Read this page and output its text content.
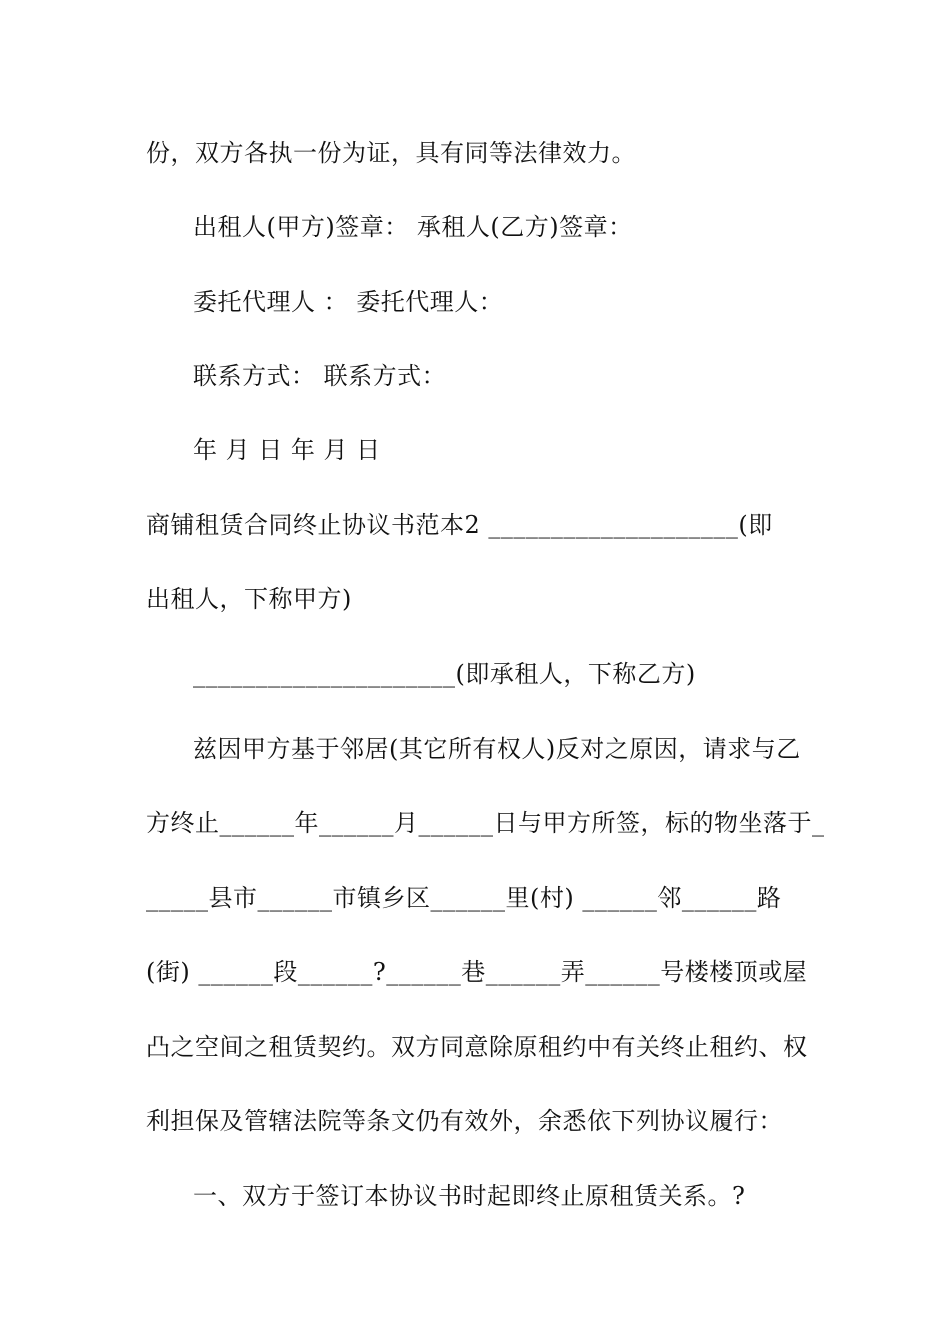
份，双方各执一份为证，具有同等法律效力。
出租人(甲方)签章： 承租人(乙方)签章：
委托代理人 ： 委托代理人：
联系方式： 联系方式：
年 月 日 年 月 日
商铺租赁合同终止协议书范本2 ____________________(即
出租人，下称甲方)
_____________________(即承租人，下称乙方)
兹因甲方基于邻居(其它所有权人)反对之原因，请求与乙
方终止______年______月______日与甲方所签，标的物坐落于_
_____县市______市镇乡区______里(村) ______邻______路
(街) ______段______?______巷______弄______号楼楼顶或屋
凸之空间之租赁契约。双方同意除原租约中有关终止租约、权
利担保及管辖法院等条文仍有效外，余悉依下列协议履行：
一、双方于签订本协议书时起即终止原租赁关系。?
